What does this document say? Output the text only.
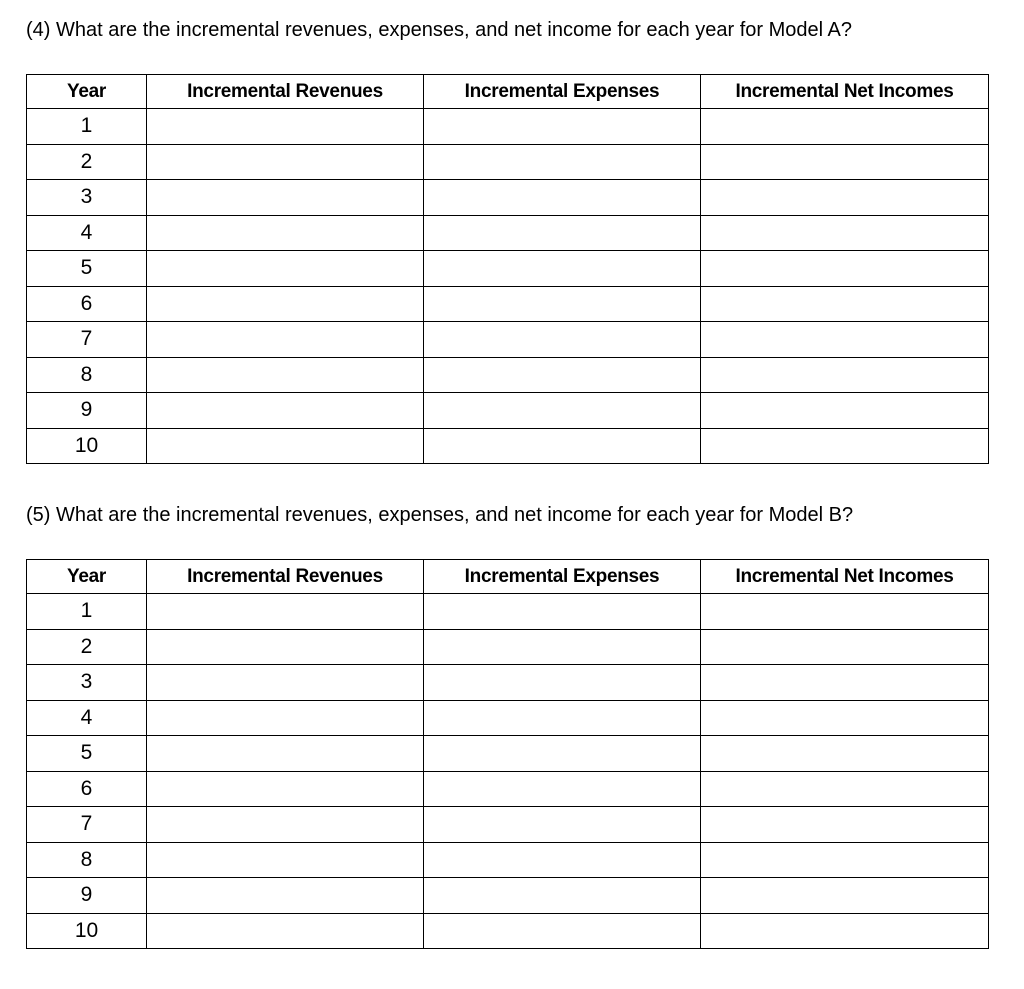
(4) What are the incremental revenues, expenses, and net income for each year for Model A?
Year	Incremental Revenues	Incremental Expenses	Incremental Net Incomes
1			
2			
3			
4			
5			
6			
7			
8			
9			
10			
(5) What are the incremental revenues, expenses, and net income for each year for Model B?
Year	Incremental Revenues	Incremental Expenses	Incremental Net Incomes
1			
2			
3			
4			
5			
6			
7			
8			
9			
10			
